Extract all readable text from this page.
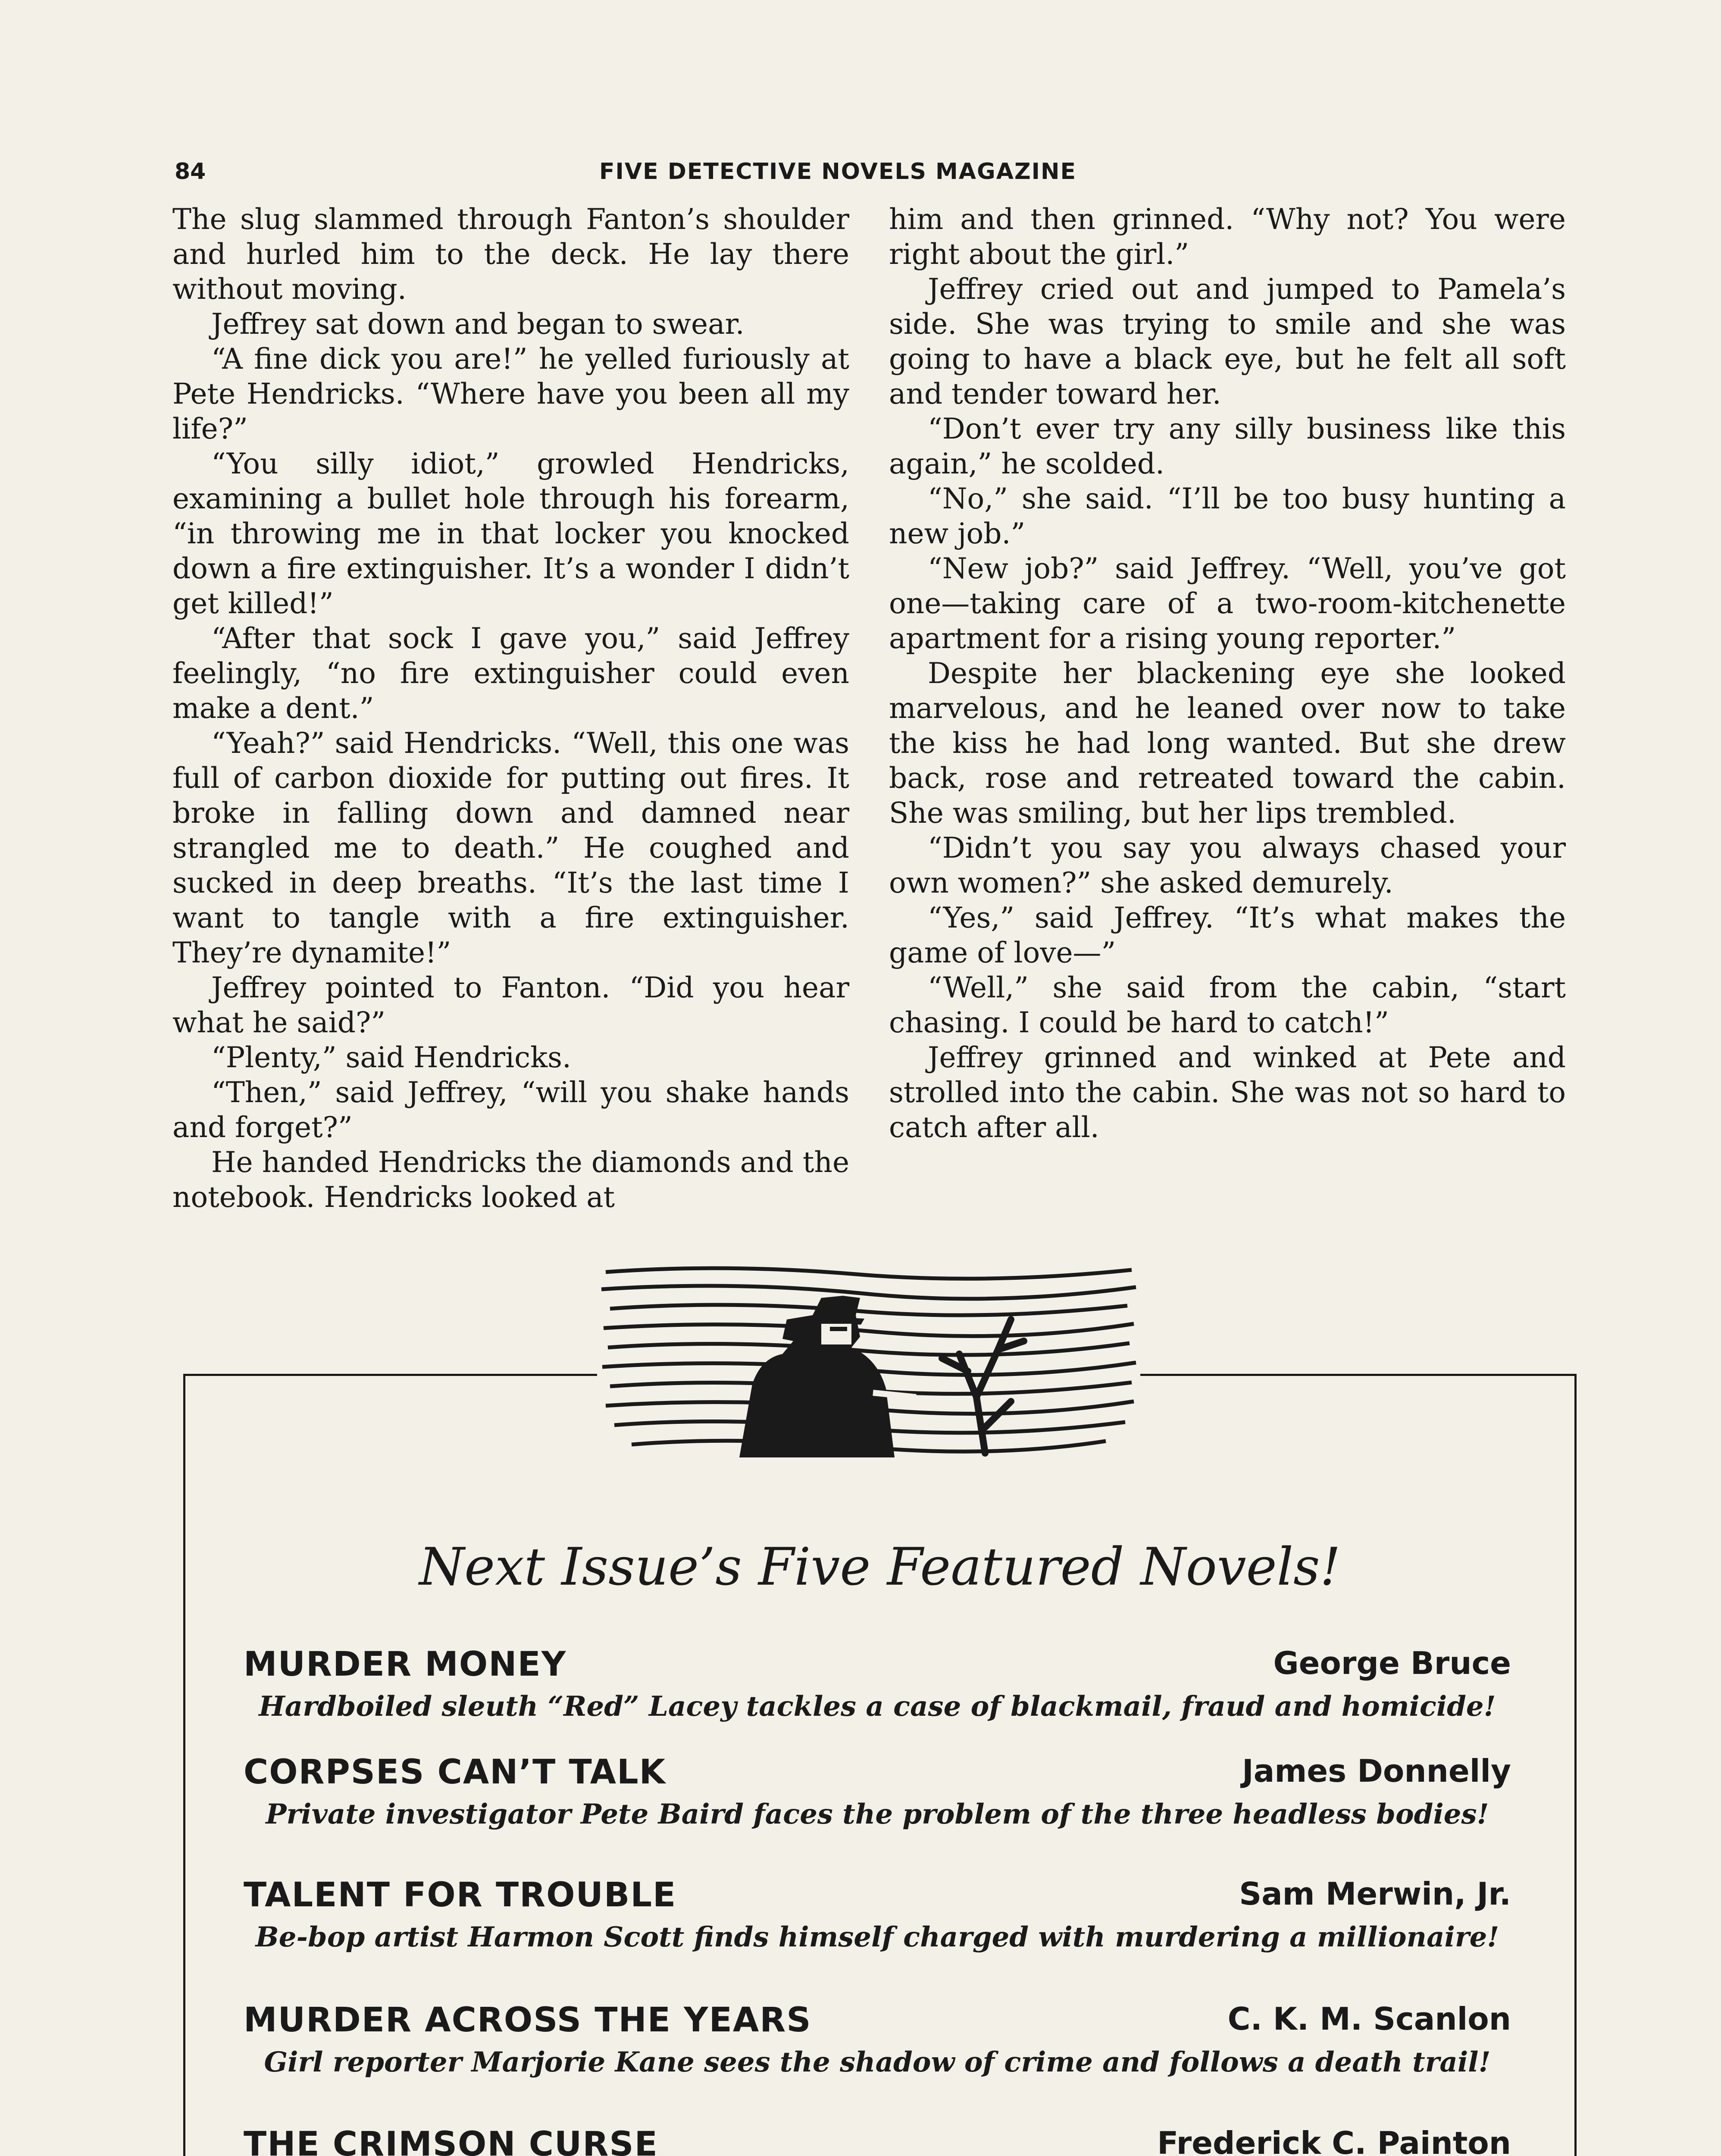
84	FIVE DETECTIVE NOVELS MAGAZINE

The slug slammed through Fanton’s shoulder and hurled him to the deck. He lay there without moving.

Jeffrey sat down and began to swear.

“A fine dick you are!” he yelled furiously at Pete Hendricks. “Where have you been all my life?”

“You silly idiot,” growled Hendricks, examining a bullet hole through his forearm, “in throwing me in that locker you knocked down a fire extinguisher. It’s a wonder I didn’t get killed!”

“After that sock I gave you,” said Jeffrey feelingly, “no fire extinguisher could even make a dent.”

“Yeah?” said Hendricks. “Well, this one was full of carbon dioxide for putting out fires. It broke in falling down and damned near strangled me to death.” He coughed and sucked in deep breaths. “It’s the last time I want to tangle with a fire extinguisher. They’re dynamite!”

Jeffrey pointed to Fanton. “Did you hear what he said?”

“Plenty,” said Hendricks.

“Then,” said Jeffrey, “will you shake hands and forget?”

He handed Hendricks the diamonds and the notebook. Hendricks looked at

him and then grinned. “Why not? You were right about the girl.”

Jeffrey cried out and jumped to Pamela’s side. She was trying to smile and she was going to have a black eye, but he felt all soft and tender toward her.

“Don’t ever try any silly business like this again,” he scolded.

“No,” she said. “I’ll be too busy hunting a new job.”

“New job?” said Jeffrey. “Well, you’ve got one—taking care of a two-room-kitchenette apartment for a rising young reporter.”

Despite her blackening eye she looked marvelous, and he leaned over now to take the kiss he had long wanted. But she drew back, rose and retreated toward the cabin. She was smiling, but her lips trembled.

“Didn’t you say you always chased your own women?” she asked demurely.

“Yes,” said Jeffrey. “It’s what makes the game of love—”

“Well,” she said from the cabin, “start chasing. I could be hard to catch!”

Jeffrey grinned and winked at Pete and strolled into the cabin. She was not so hard to catch after all.

Next Issue’s Five Featured Novels!
MURDER MONEY	George Bruce
Hardboiled sleuth “Red” Lacey tackles a case of blackmail, fraud and homicide!
CORPSES CAN’T TALK	James Donnelly
Private investigator Pete Baird faces the problem of the three headless bodies!
TALENT FOR TROUBLE	Sam Merwin, Jr.
Be-bop artist Harmon Scott finds himself charged with murdering a millionaire!
MURDER ACROSS THE YEARS	C. K. M. Scanlon
Girl reporter Marjorie Kane sees the shadow of crime and follows a death trail!
THE CRIMSON CURSE	Frederick C. Painton
